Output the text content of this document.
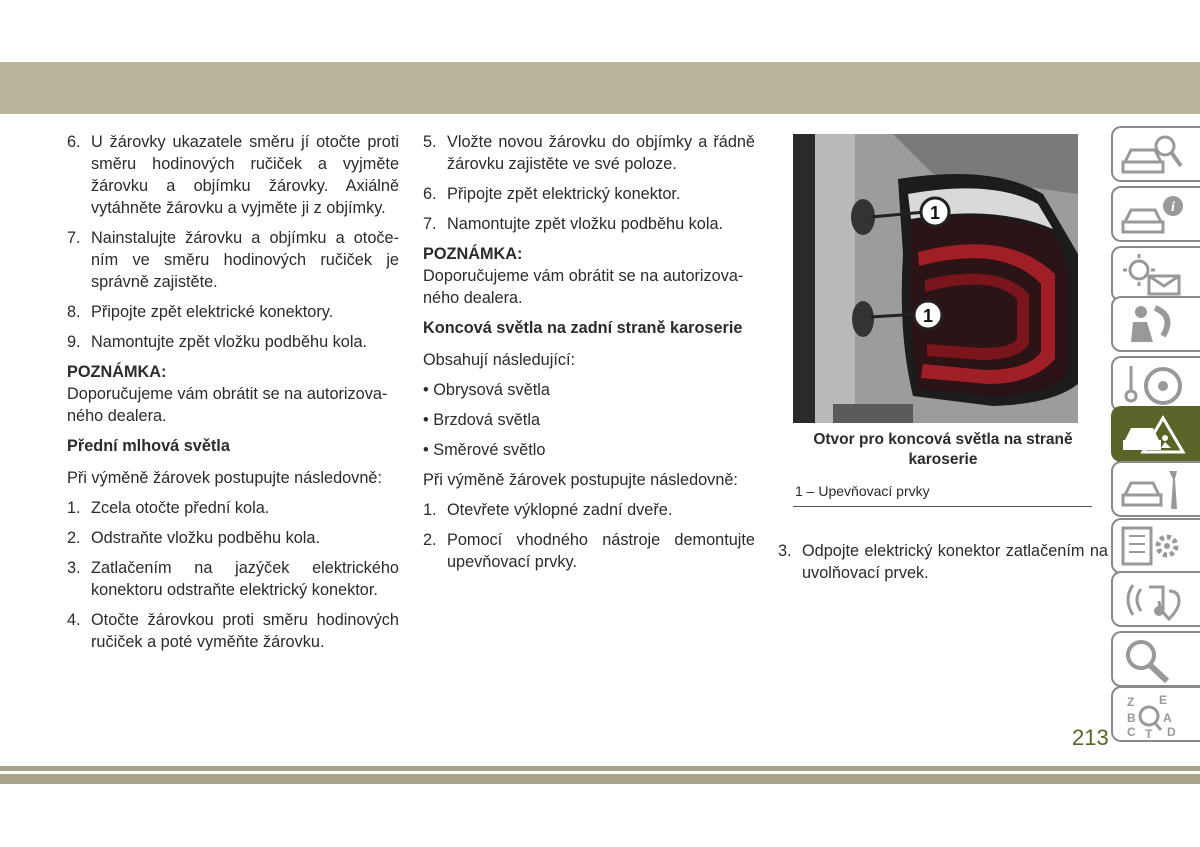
6. U žárovky ukazatele směru jí otočte proti směru hodinových ručiček a vyjměte žárovku a objímku žárovky. Axiálně vytáhněte žárovku a vyjměte ji z objímky.
7. Nainstalujte žárovku a objímku a otoče- ním ve směru hodinových ručiček je správně zajistěte.
8. Připojte zpět elektrické konektory.
9. Namontujte zpět vložku podběhu kola.
POZNÁMKA:
Doporučujeme vám obrátit se na autorizova- ného dealera.
Přední mlhová světla
Při výměně žárovek postupujte následovně:
1. Zcela otočte přední kola.
2. Odstraňte vložku podběhu kola.
3. Zatlačením na jazýček elektrického konektoru odstraňte elektrický konektor.
4. Otočte žárovkou proti směru hodinových ručiček a poté vyměňte žárovku.
5. Vložte novou žárovku do objímky a řádně žárovku zajistěte ve své poloze.
6. Připojte zpět elektrický konektor.
7. Namontujte zpět vložku podběhu kola.
POZNÁMKA:
Doporučujeme vám obrátit se na autorizova- ného dealera.
Koncová světla na zadní straně karoserie
Obsahují následující:
• Obrysová světla
• Brzdová světla
• Směrové světlo
Při výměně žárovek postupujte následovně:
1. Otevřete výklopné zadní dveře.
2. Pomocí vhodného nástroje demontujte upevňovací prvky.
1
1
Otvor pro koncová světla na straně karoserie
1 – Upevňovací prvky
3. Odpojte elektrický konektor zatlačením na uvolňovací prvek.
i
Z E
B A
C	D
T
213
